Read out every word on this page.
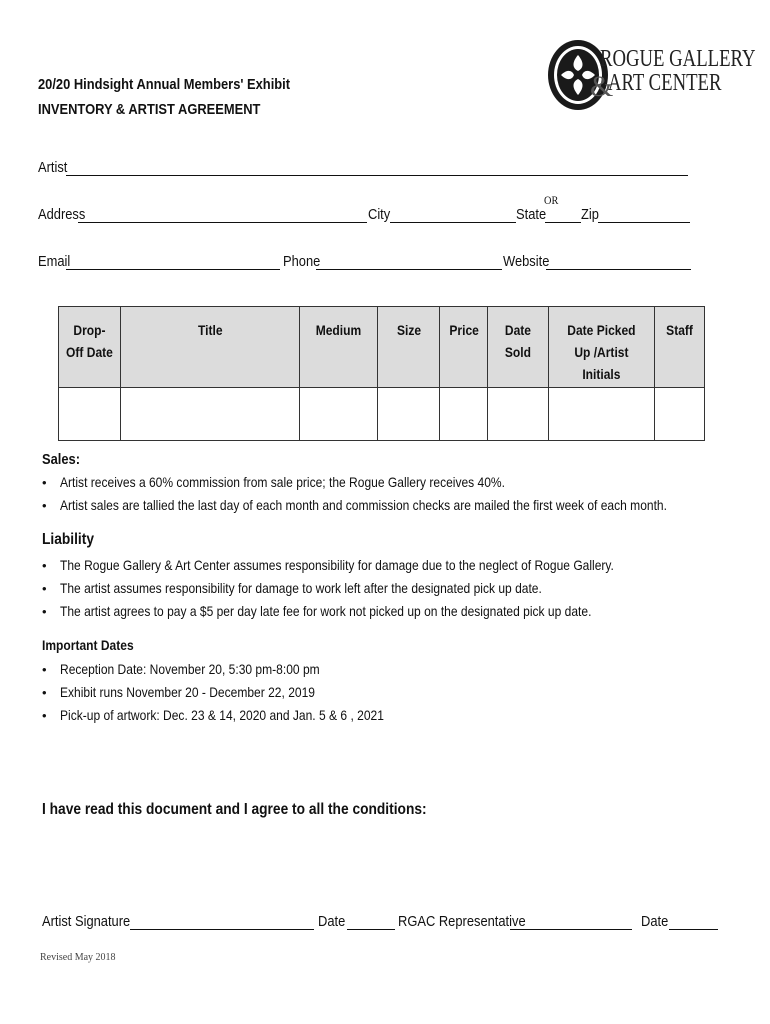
20/20 Hindsight Annual Members' Exhibit
INVENTORY & ARTIST AGREEMENT
&
ROGUE GALLERY
ART CENTER
Artist
OR
Address	City	State Zip
Email	Phone	Website
Drop-Off Date	Title	Medium	Size	Price	Date Sold	Date Picked Up /Artist Initials	Staff

Sales:
• Artist receives a 60% commission from sale price; the Rogue Gallery receives 40%.
• Artist sales are tallied the last day of each month and commission checks are mailed the first week of each month.
Liability
• The Rogue Gallery & Art Center assumes responsibility for damage due to the neglect of Rogue Gallery.
• The artist assumes responsibility for damage to work left after the designated pick up date.
• The artist agrees to pay a $5 per day late fee for work not picked up on the designated pick up date.
Important Dates
• Reception Date: November 20, 5:30 pm-8:00 pm
• Exhibit runs November 20 - December 22, 2019
• Pick-up of artwork: Dec. 23 & 14, 2020 and Jan. 5 & 6 , 2021
I have read this document and I agree to all the conditions:
Artist Signature	Date	RGAC Representative	Date
Revised May 2018
